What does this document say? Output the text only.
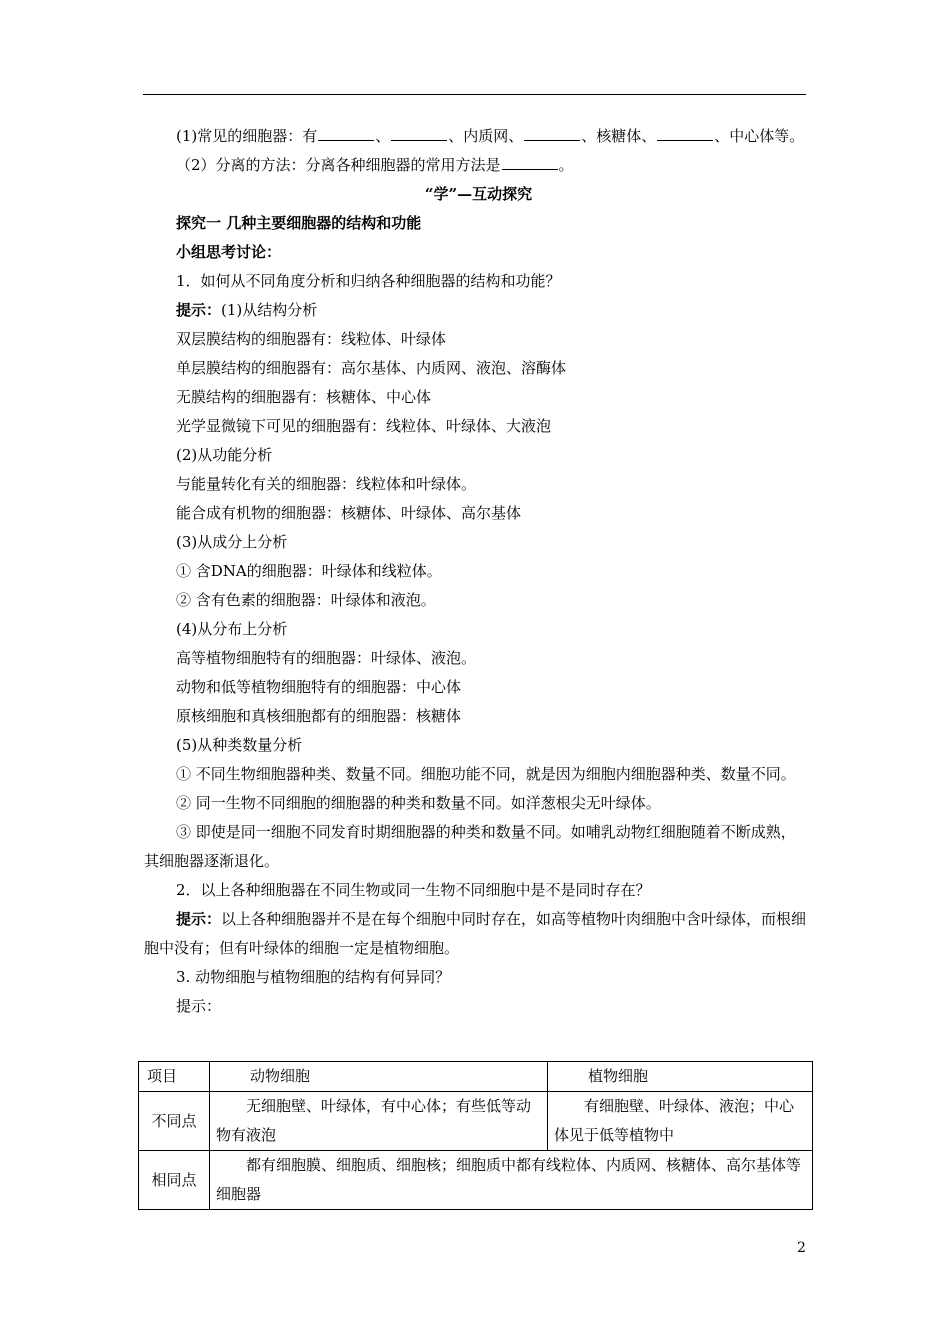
(1)常见的细胞器：有	、	、内质网、	、核糖体、	、中心体等。
（2）分离的方法：分离各种细胞器的常用方法是	。
“学”—互动探究
探究一 几种主要细胞器的结构和功能
小组思考讨论：
1．如何从不同角度分析和归纳各种细胞器的结构和功能？
提示：(1)从结构分析
双层膜结构的细胞器有：线粒体、叶绿体
单层膜结构的细胞器有：高尔基体、内质网、液泡、溶酶体
无膜结构的细胞器有：核糖体、中心体
光学显微镜下可见的细胞器有：线粒体、叶绿体、大液泡
(2)从功能分析
与能量转化有关的细胞器：线粒体和叶绿体。
能合成有机物的细胞器：核糖体、叶绿体、高尔基体
(3)从成分上分析
① 含DNA的细胞器：叶绿体和线粒体。
② 含有色素的细胞器：叶绿体和液泡。
(4)从分布上分析
高等植物细胞特有的细胞器：叶绿体、液泡。
动物和低等植物细胞特有的细胞器：中心体
原核细胞和真核细胞都有的细胞器：核糖体
(5)从种类数量分析
① 不同生物细胞器种类、数量不同。细胞功能不同，就是因为细胞内细胞器种类、数量不同。
② 同一生物不同细胞的细胞器的种类和数量不同。如洋葱根尖无叶绿体。
③ 即使是同一细胞不同发育时期细胞器的种类和数量不同。如哺乳动物红细胞随着不断成熟，其细胞器逐渐退化。
2．以上各种细胞器在不同生物或同一生物不同细胞中是不是同时存在？
提示：以上各种细胞器并不是在每个细胞中同时存在，如高等植物叶肉细胞中含叶绿体，而根细胞中没有；但有叶绿体的细胞一定是植物细胞。
3. 动物细胞与植物细胞的结构有何异同？
提示：
项目	动物细胞	植物细胞
不同点	无细胞壁、叶绿体，有中心体；有些低等动物有液泡	有细胞壁、叶绿体、液泡；中心体见于低等植物中
相同点	都有细胞膜、细胞质、细胞核；细胞质中都有线粒体、内质网、核糖体、高尔基体等细胞器	
2
